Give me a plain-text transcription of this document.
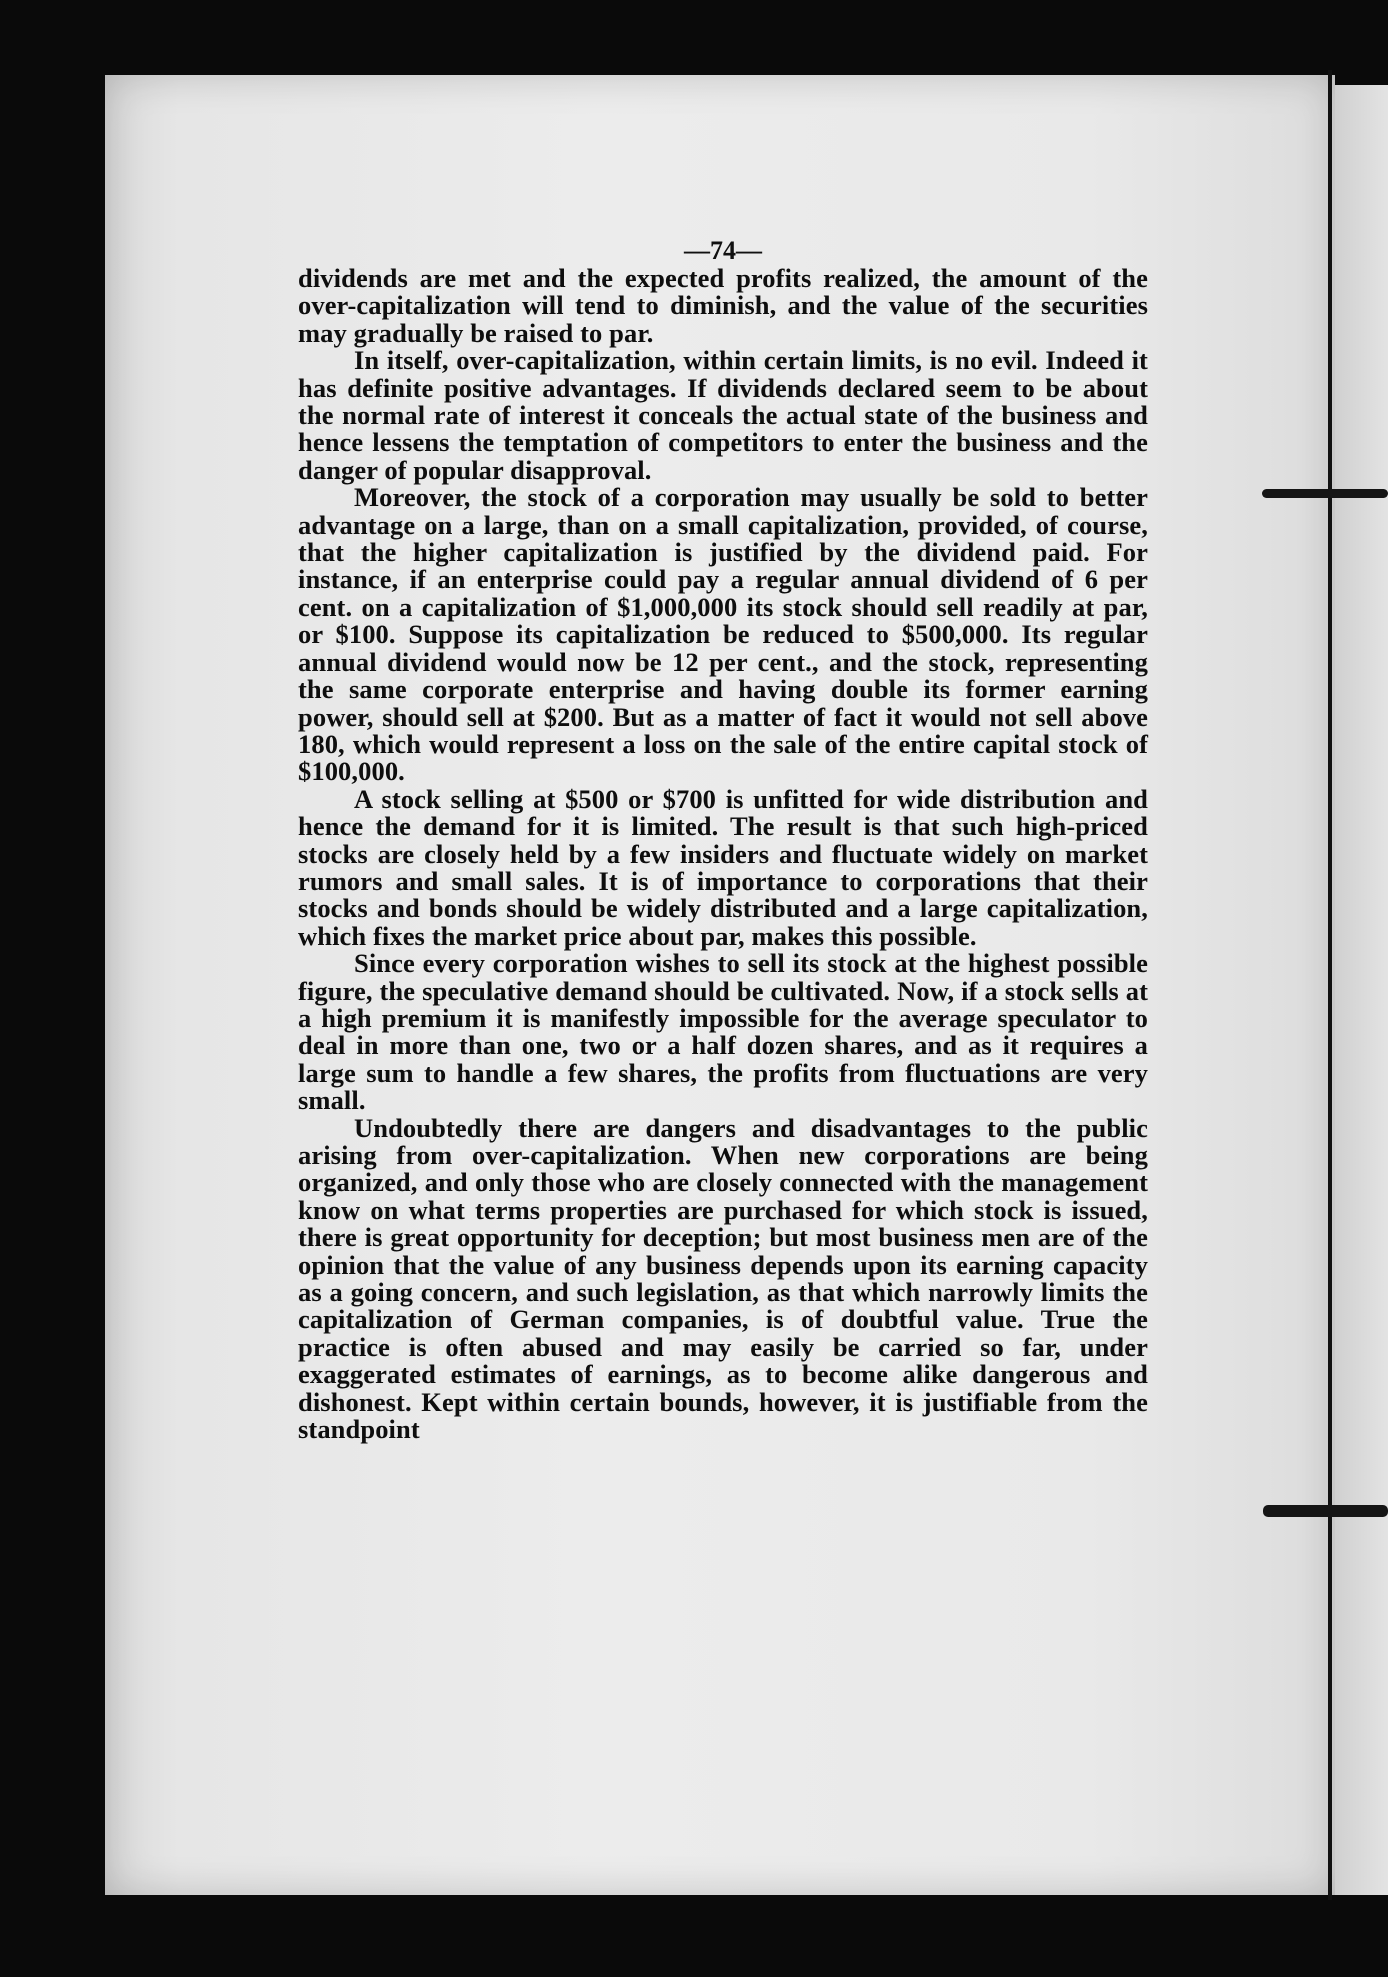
—74—

dividends are met and the expected profits realized, the amount of the over-capitalization will tend to diminish, and the value of the securities may gradually be raised to par.

In itself, over-capitalization, within certain limits, is no evil. Indeed it has definite positive advantages. If dividends declared seem to be about the normal rate of interest it conceals the actual state of the business and hence lessens the temptation of competitors to enter the business and the danger of popular disapproval.

Moreover, the stock of a corporation may usually be sold to better advantage on a large, than on a small capitalization, provided, of course, that the higher capitalization is justified by the dividend paid. For instance, if an enterprise could pay a regular annual dividend of 6 per cent. on a capitalization of $1,000,000 its stock should sell readily at par, or $100. Suppose its capitalization be reduced to $500,000. Its regular annual dividend would now be 12 per cent., and the stock, representing the same corporate enterprise and having double its former earning power, should sell at $200. But as a matter of fact it would not sell above 180, which would represent a loss on the sale of the entire capital stock of $100,000.

A stock selling at $500 or $700 is unfitted for wide distribution and hence the demand for it is limited. The result is that such high-priced stocks are closely held by a few insiders and fluctuate widely on market rumors and small sales. It is of importance to corporations that their stocks and bonds should be widely distributed and a large capitalization, which fixes the market price about par, makes this possible.

Since every corporation wishes to sell its stock at the highest possible figure, the speculative demand should be cultivated. Now, if a stock sells at a high premium it is manifestly impossible for the average speculator to deal in more than one, two or a half dozen shares, and as it requires a large sum to handle a few shares, the profits from fluctuations are very small.

Undoubtedly there are dangers and disadvantages to the public arising from over-capitalization. When new corporations are being organized, and only those who are closely connected with the management know on what terms properties are purchased for which stock is issued, there is great opportunity for deception; but most business men are of the opinion that the value of any business depends upon its earning capacity as a going concern, and such legislation, as that which narrowly limits the capitalization of German companies, is of doubtful value. True the practice is often abused and may easily be carried so far, under exaggerated estimates of earnings, as to become alike dangerous and dishonest. Kept within certain bounds, however, it is justifiable from the standpoint
